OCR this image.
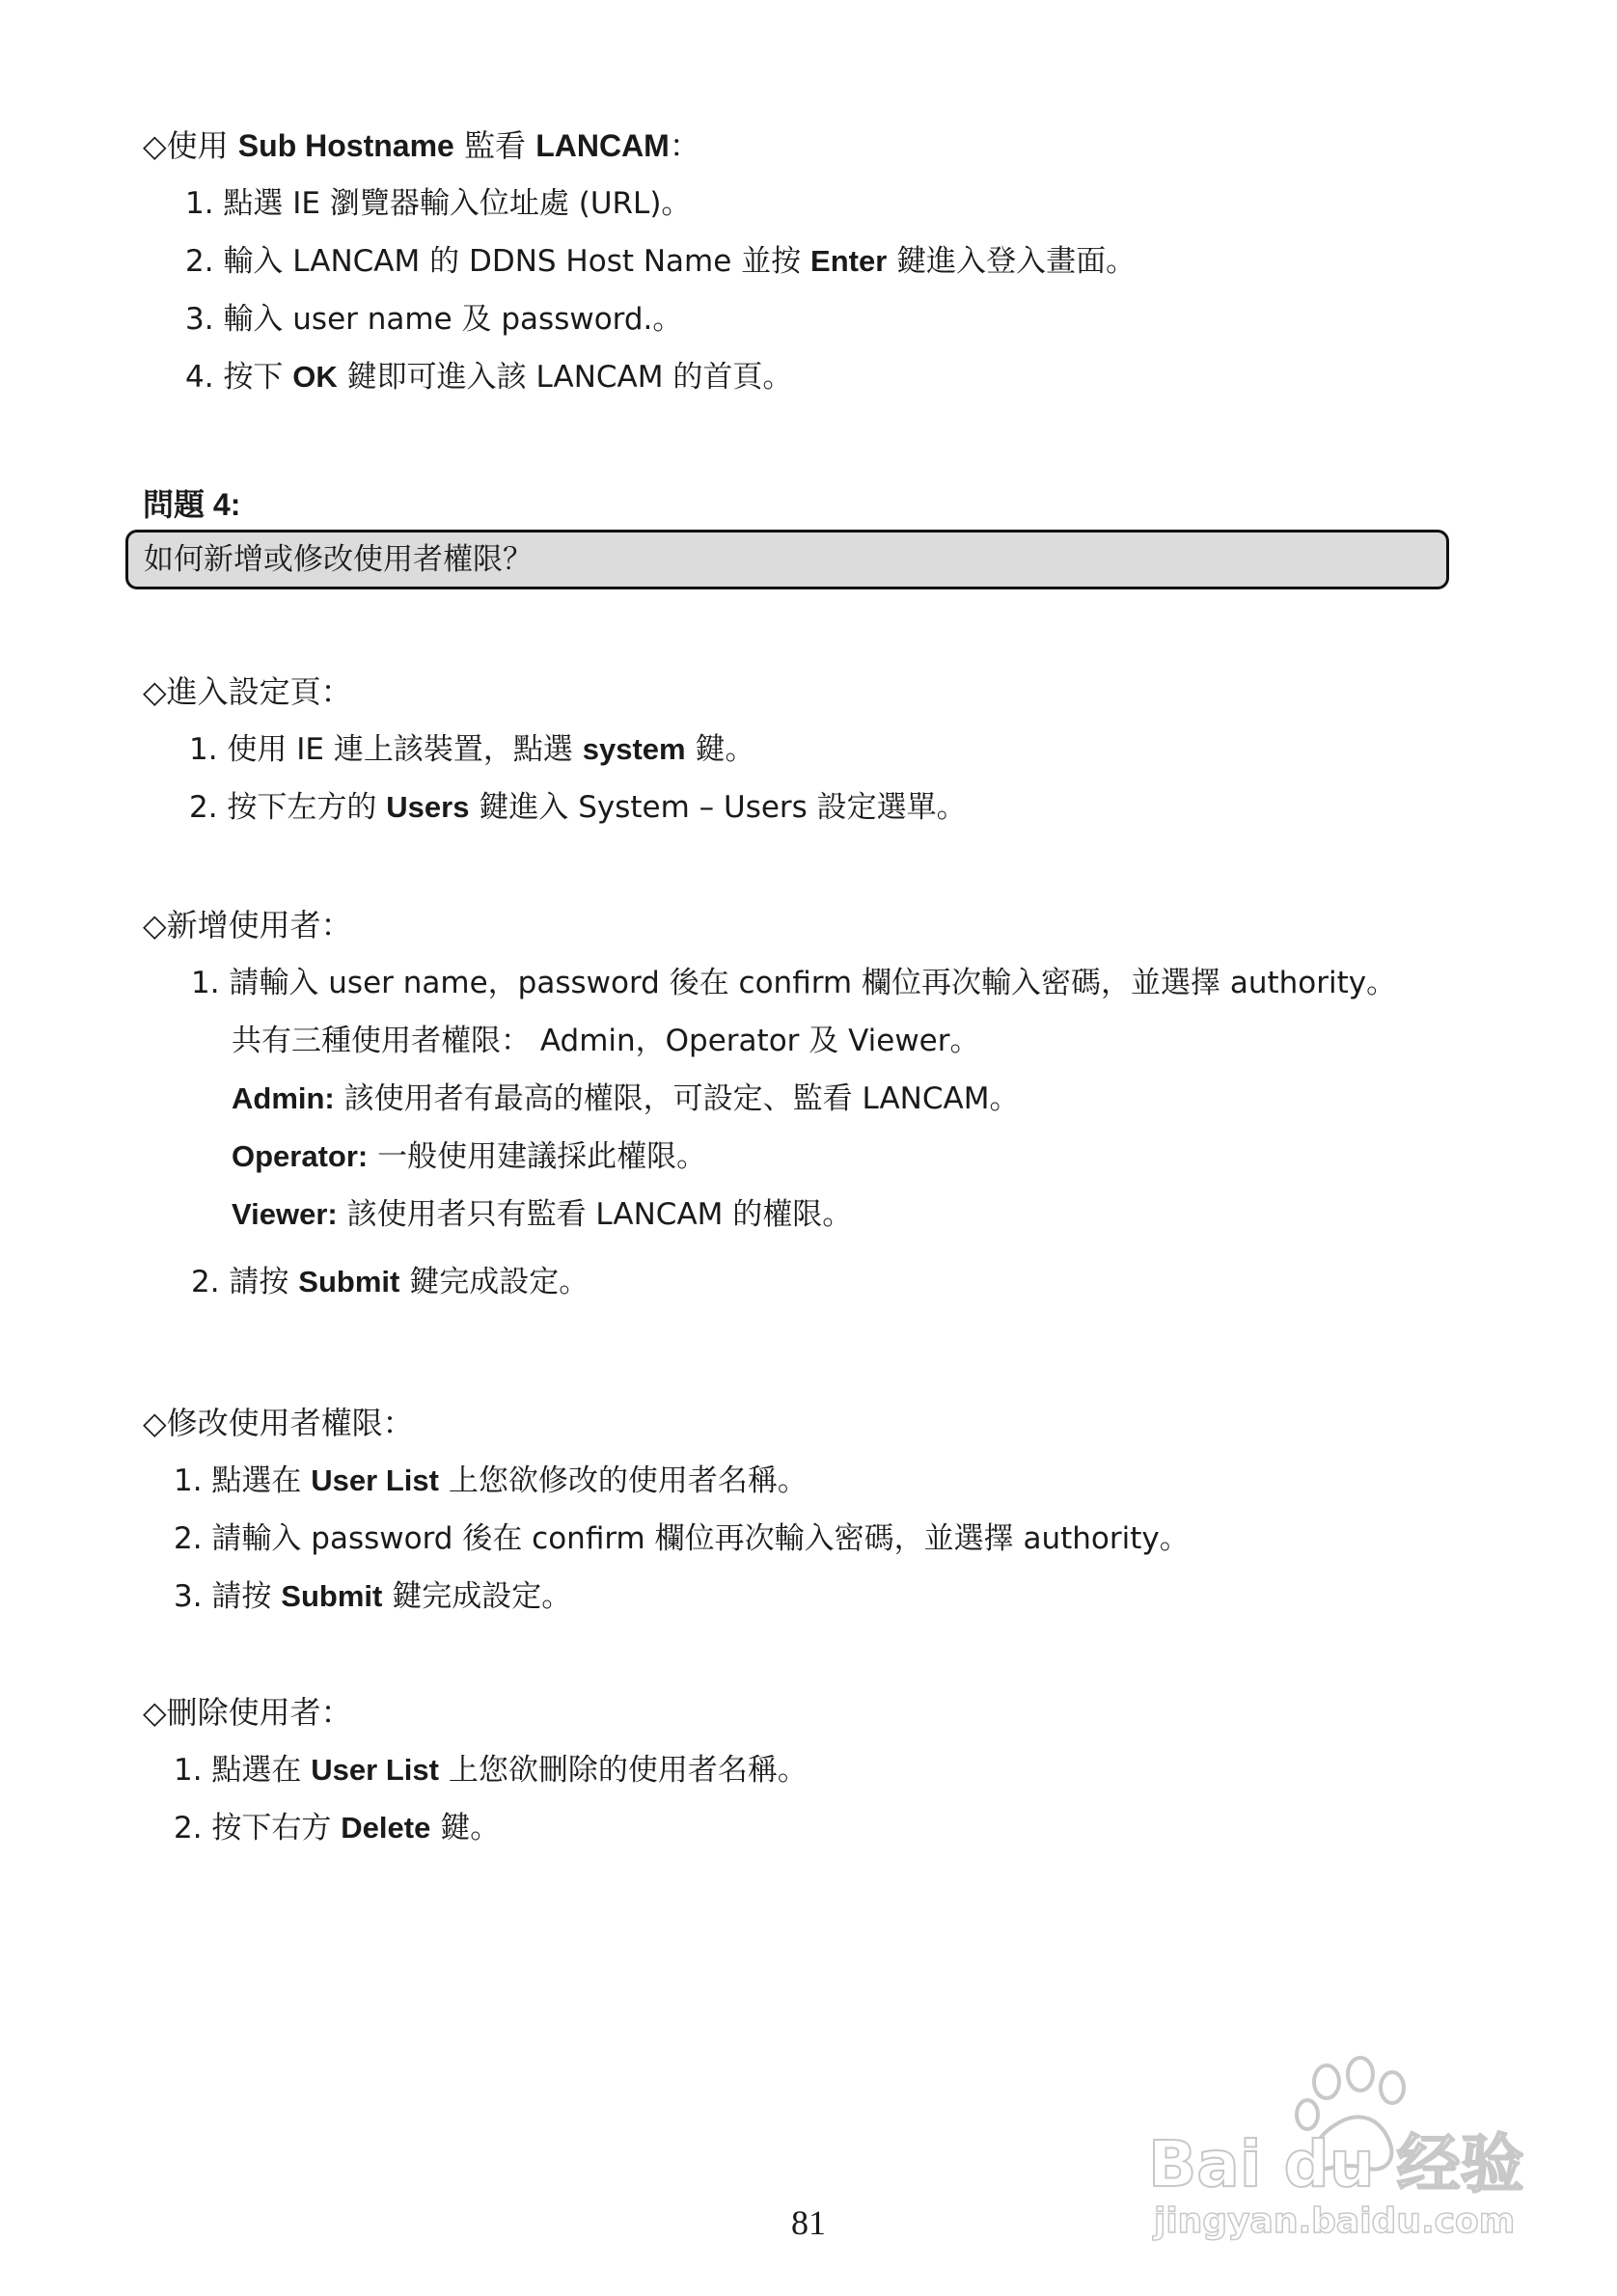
◇使用 Sub Hostname 監看 LANCAM：
1. 點選 IE 瀏覽器輸入位址處 (URL)。
2. 輸入 LANCAM 的 DDNS Host Name 並按 Enter 鍵進入登入畫面。
3. 輸入 user name 及 password.。
4. 按下 OK 鍵即可進入該 LANCAM 的首頁。
問題 4:
如何新增或修改使用者權限？
◇進入設定頁：
1. 使用 IE 連上該裝置，點選 system 鍵。
2. 按下左方的 Users 鍵進入 System – Users 設定選單。
◇新增使用者：
1. 請輸入 user name，password 後在 confirm 欄位再次輸入密碼，並選擇 authority。
共有三種使用者權限： Admin，Operator 及 Viewer。
Admin: 該使用者有最高的權限，可設定、監看 LANCAM。
Operator: 一般使用建議採此權限。
Viewer: 該使用者只有監看 LANCAM 的權限。
2. 請按 Submit 鍵完成設定。
◇修改使用者權限：
1. 點選在 User List 上您欲修改的使用者名稱。
2. 請輸入 password 後在 confirm 欄位再次輸入密碼，並選擇 authority。
3. 請按 Submit 鍵完成設定。
◇刪除使用者：
1. 點選在 User List 上您欲刪除的使用者名稱。
2. 按下右方 Delete 鍵。
81
Bai du 经验
jingyan.baidu.com
